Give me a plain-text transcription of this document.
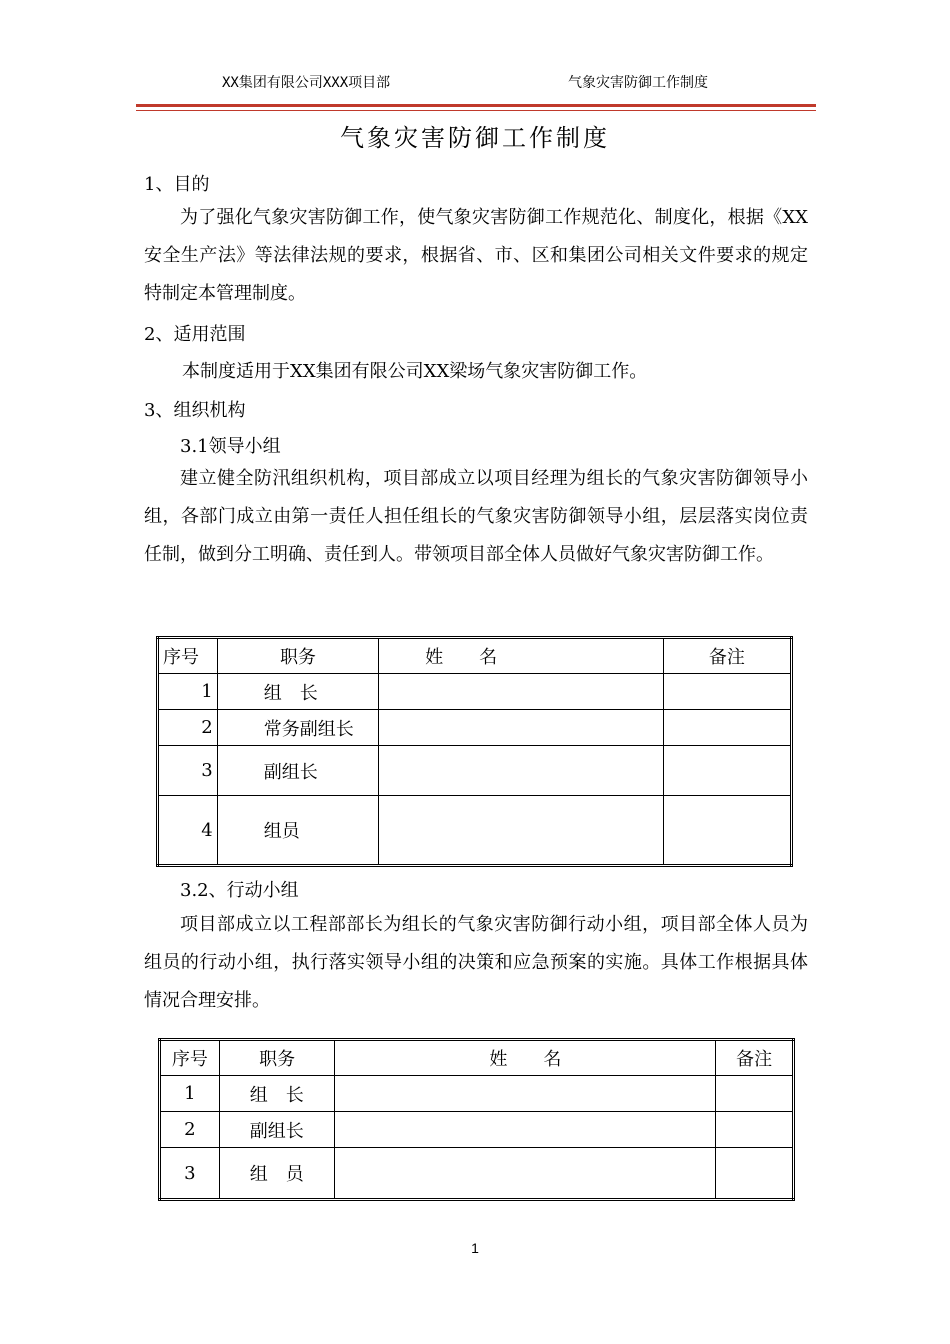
XX集团有限公司XXX项目部	气象灾害防御工作制度
气象灾害防御工作制度
1、目的
为了强化气象灾害防御工作，使气象灾害防御工作规范化、制度化，根据《XX安全生产法》等法律法规的要求，根据省、市、区和集团公司相关文件要求的规定特制定本管理制度。
2、适用范围
本制度适用于XX集团有限公司XX梁场气象灾害防御工作。
3、组织机构
3.1领导小组
建立健全防汛组织机构，项目部成立以项目经理为组长的气象灾害防御领导小组，各部门成立由第一责任人担任组长的气象灾害防御领导小组，层层落实岗位责任制，做到分工明确、责任到人。带领项目部全体人员做好气象灾害防御工作。
序号	职务	姓　　名	备注
1	组　长		
2	常务副组长		
3	副组长		
4	组员		
3.2、行动小组
项目部成立以工程部部长为组长的气象灾害防御行动小组，项目部全体人员为组员的行动小组，执行落实领导小组的决策和应急预案的实施。具体工作根据具体情况合理安排。
序号	职务	姓　　名	备注
1	组　长		
2	副组长		
3	组　员		
1
